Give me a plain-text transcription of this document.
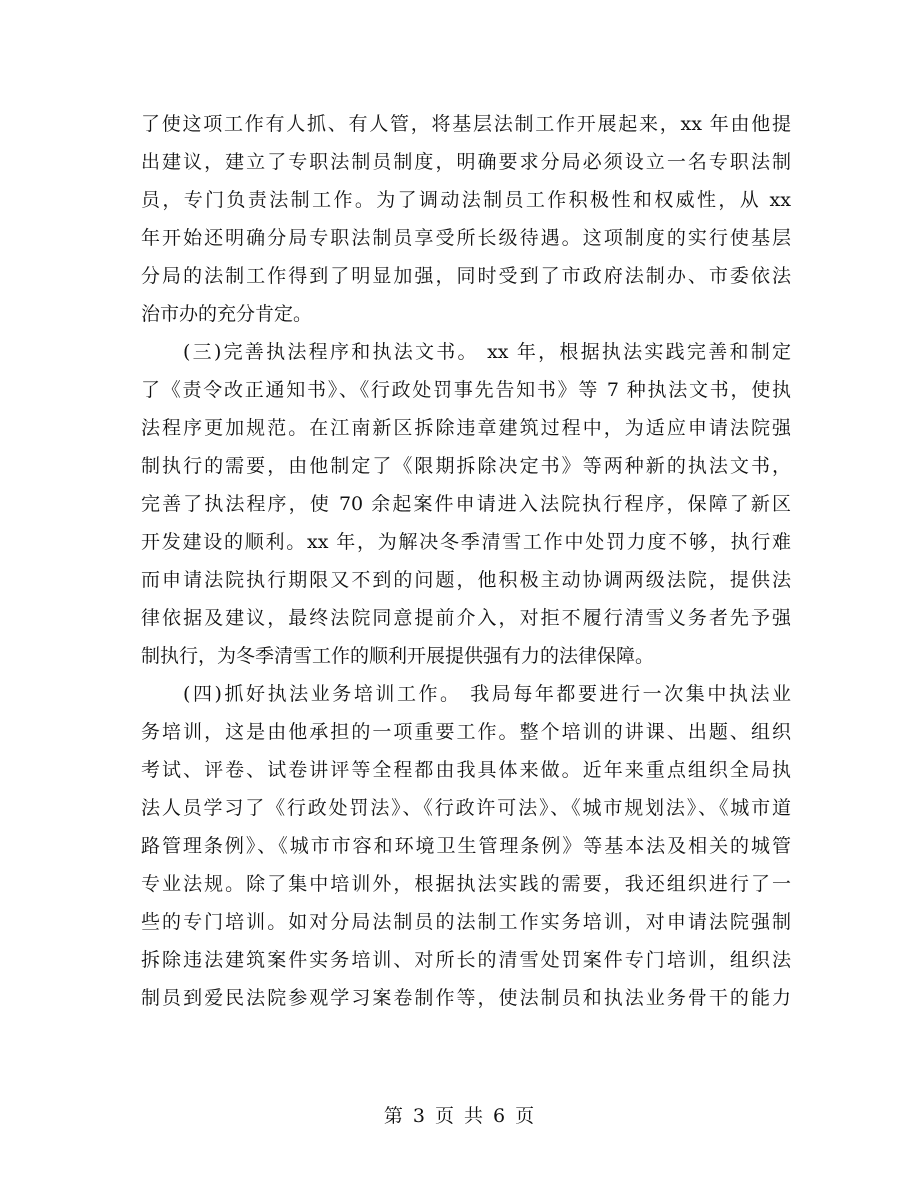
了使这项工作有人抓、有人管，将基层法制工作开展起来，xx 年由他提
出建议，建立了专职法制员制度，明确要求分局必须设立一名专职法制
员，专门负责法制工作。为了调动法制员工作积极性和权威性，从 xx
年开始还明确分局专职法制员享受所长级待遇。这项制度的实行使基层
分局的法制工作得到了明显加强，同时受到了市政府法制办、市委依法
治市办的充分肯定。
(三)完善执法程序和执法文书。 xx 年，根据执法实践完善和制定
了《责令改正通知书》、《行政处罚事先告知书》等 7 种执法文书，使执
法程序更加规范。在江南新区拆除违章建筑过程中，为适应申请法院强
制执行的需要，由他制定了《限期拆除决定书》等两种新的执法文书，
完善了执法程序，使 70 余起案件申请进入法院执行程序，保障了新区
开发建设的顺利。xx 年，为解决冬季清雪工作中处罚力度不够，执行难
而申请法院执行期限又不到的问题，他积极主动协调两级法院，提供法
律依据及建议，最终法院同意提前介入，对拒不履行清雪义务者先予强
制执行，为冬季清雪工作的顺利开展提供强有力的法律保障。
(四)抓好执法业务培训工作。 我局每年都要进行一次集中执法业
务培训，这是由他承担的一项重要工作。整个培训的讲课、出题、组织
考试、评卷、试卷讲评等全程都由我具体来做。近年来重点组织全局执
法人员学习了《行政处罚法》、《行政许可法》、《城市规划法》、《城市道
路管理条例》、《城市市容和环境卫生管理条例》等基本法及相关的城管
专业法规。除了集中培训外，根据执法实践的需要，我还组织进行了一
些的专门培训。如对分局法制员的法制工作实务培训，对申请法院强制
拆除违法建筑案件实务培训、对所长的清雪处罚案件专门培训，组织法
制员到爱民法院参观学习案卷制作等，使法制员和执法业务骨干的能力
第 3 页 共 6 页
